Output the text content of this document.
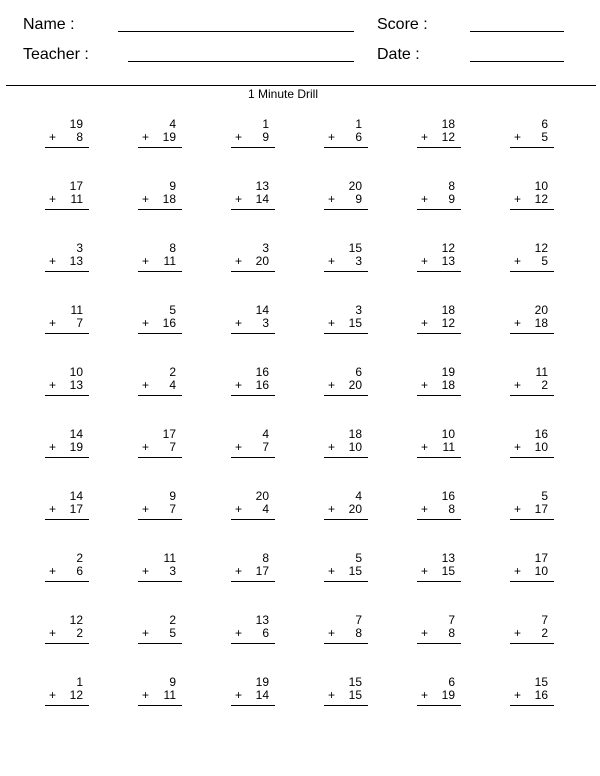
Name :	Score :
Teacher :	Date :
1 Minute Drill
19
+ 8
4
+ 19
1
+ 9
1
+ 6
18
+ 12
6
+ 5
17
+ 11
9
+ 18
13
+ 14
20
+ 9
8
+ 9
10
+ 12
3
+ 13
8
+ 11
3
+ 20
15
+ 3
12
+ 13
12
+ 5
11
+ 7
5
+ 16
14
+ 3
3
+ 15
18
+ 12
20
+ 18
10
+ 13
2
+ 4
16
+ 16
6
+ 20
19
+ 18
11
+ 2
14
+ 19
17
+ 7
4
+ 7
18
+ 10
10
+ 11
16
+ 10
14
+ 17
9
+ 7
20
+ 4
4
+ 20
16
+ 8
5
+ 17
2
+ 6
11
+ 3
8
+ 17
5
+ 15
13
+ 15
17
+ 10
12
+ 2
2
+ 5
13
+ 6
7
+ 8
7
+ 8
7
+ 2
1
+ 12
9
+ 11
19
+ 14
15
+ 15
6
+ 19
15
+ 16
